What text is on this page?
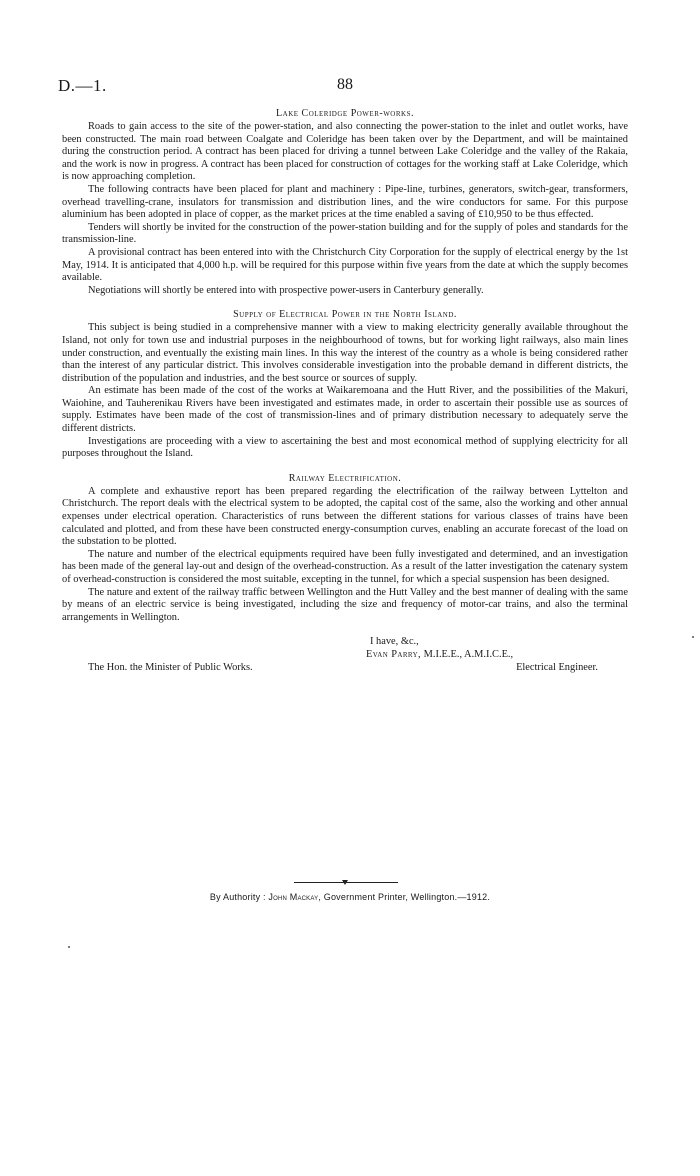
D.—1.	88
Lake Coleridge Power-works.

Roads to gain access to the site of the power-station, and also connecting the power-station to the inlet and outlet works, have been constructed. The main road between Coalgate and Coleridge has been taken over by the Department, and will be maintained during the construction period. A contract has been placed for driving a tunnel between Lake Coleridge and the valley of the Rakaia, and the work is now in progress. A contract has been placed for construction of cottages for the working staff at Lake Coleridge, which is now approaching completion.

The following contracts have been placed for plant and machinery : Pipe-line, turbines, generators, switch-gear, transformers, overhead travelling-crane, insulators for transmission and distribution lines, and the wire conductors for same. For this purpose aluminium has been adopted in place of copper, as the market prices at the time enabled a saving of £10,950 to be thus effected.

Tenders will shortly be invited for the construction of the power-station building and for the supply of poles and standards for the transmission-line.

A provisional contract has been entered into with the Christchurch City Corporation for the supply of electrical energy by the 1st May, 1914. It is anticipated that 4,000 h.p. will be required for this purpose within five years from the date at which the supply becomes available.

Negotiations will shortly be entered into with prospective power-users in Canterbury generally.

Supply of Electrical Power in the North Island.

This subject is being studied in a comprehensive manner with a view to making electricity generally available throughout the Island, not only for town use and industrial purposes in the neighbourhood of towns, but for working light railways, also main lines under construction, and eventually the existing main lines. In this way the interest of the country as a whole is being considered rather than the interest of any particular district. This involves considerable investigation into the probable demand in different districts, the distribution of the population and industries, and the best source or sources of supply.

An estimate has been made of the cost of the works at Waikaremoana and the Hutt River, and the possibilities of the Makuri, Waiohine, and Tauherenikau Rivers have been investigated and estimates made, in order to ascertain their possible use as sources of supply. Estimates have been made of the cost of transmission-lines and of primary distribution necessary to adequately serve the different districts.

Investigations are proceeding with a view to ascertaining the best and most economical method of supplying electricity for all purposes throughout the Island.

Railway Electrification.

A complete and exhaustive report has been prepared regarding the electrification of the railway between Lyttelton and Christchurch. The report deals with the electrical system to be adopted, the capital cost of the same, also the working and other annual expenses under electrical operation. Characteristics of runs between the different stations for various classes of trains have been calculated and plotted, and from these have been constructed energy-consumption curves, enabling an accurate forecast of the load on the substation to be plotted.

The nature and number of the electrical equipments required have been fully investigated and determined, and an investigation has been made of the general lay-out and design of the overhead-construction. As a result of the latter investigation the catenary system of overhead-construction is considered the most suitable, excepting in the tunnel, for which a special suspension has been designed.

The nature and extent of the railway traffic between Wellington and the Hutt Valley and the best manner of dealing with the same by means of an electric service is being investigated, including the size and frequency of motor-car trains, and also the terminal arrangements in Wellington.

I have, &c.,
Evan Parry, M.I.E.E., A.M.I.C.E.,
The Hon. the Minister of Public Works.	Electrical Engineer.
By Authority : John Mackay, Government Printer, Wellington.—1912.
